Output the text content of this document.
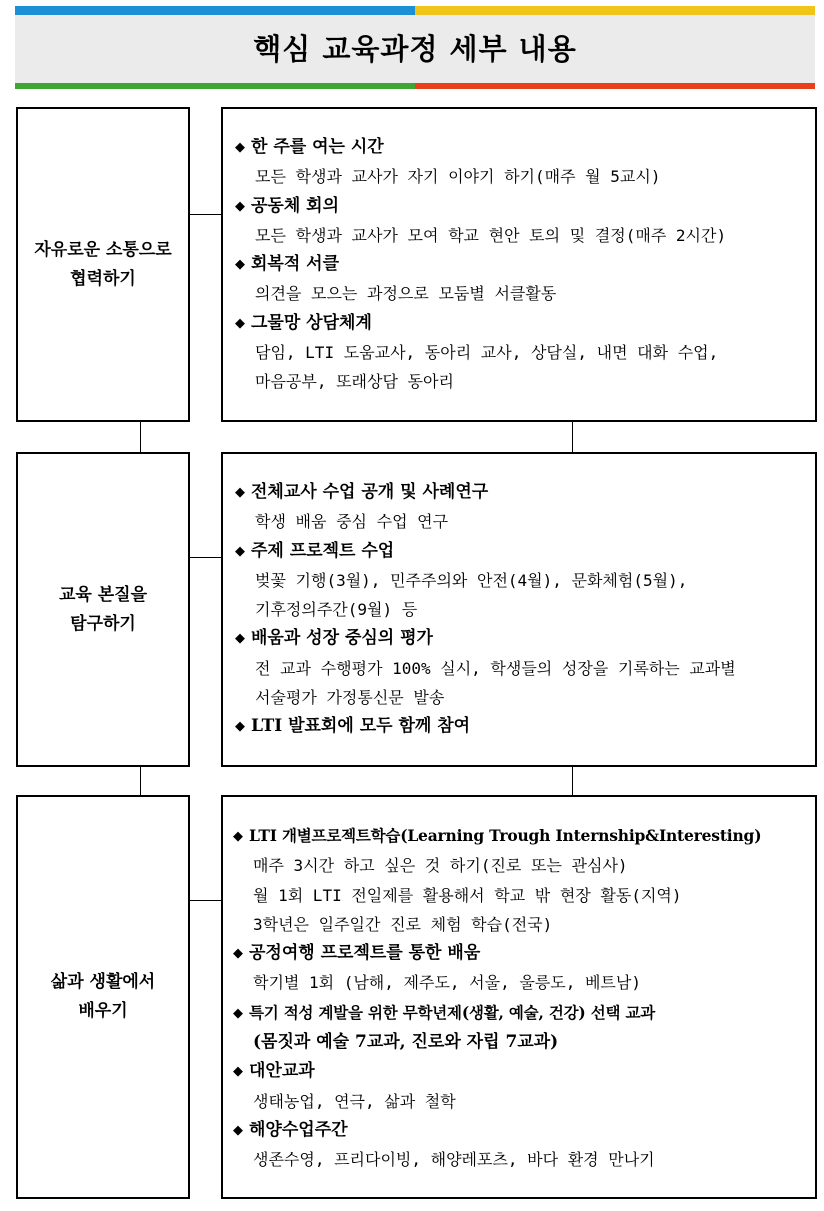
핵심 교육과정 세부 내용
자유로운 소통으로
협력하기
◆ 한 주를 여는 시간
모든 학생과 교사가 자기 이야기 하기(매주 월 5교시)
◆ 공동체 회의
모든 학생과 교사가 모여 학교 현안 토의 및 결정(매주 2시간)
◆ 회복적 서클
의견을 모으는 과정으로 모둠별 서클활동
◆ 그물망 상담체계
담임, LTI 도움교사, 동아리 교사, 상담실, 내면 대화 수업,
마음공부, 또래상담 동아리
교육 본질을
탐구하기
◆ 전체교사 수업 공개 및 사례연구
학생 배움 중심 수업 연구
◆ 주제 프로젝트 수업
벚꽃 기행(3월), 민주주의와 안전(4월), 문화체험(5월),
기후정의주간(9월) 등
◆ 배움과 성장 중심의 평가
전 교과 수행평가 100% 실시, 학생들의 성장을 기록하는 교과별
서술평가 가정통신문 발송
◆ LTI 발표회에 모두 함께 참여
삶과 생활에서
배우기
◆ LTI 개별프로젝트학습(Learning Trough Internship&Interesting)
매주 3시간 하고 싶은 것 하기(진로 또는 관심사)
월 1회 LTI 전일제를 활용해서 학교 밖 현장 활동(지역)
3학년은 일주일간 진로 체험 학습(전국)
◆ 공정여행 프로젝트를 통한 배움
학기별 1회 (남해, 제주도, 서울, 울릉도, 베트남)
◆ 특기 적성 계발을 위한 무학년제(생활, 예술, 건강) 선택 교과
(몸짓과 예술 7교과, 진로와 자립 7교과)
◆ 대안교과
생태농업, 연극, 삶과 철학
◆ 해양수업주간
생존수영, 프리다이빙, 해양레포츠, 바다 환경 만나기
